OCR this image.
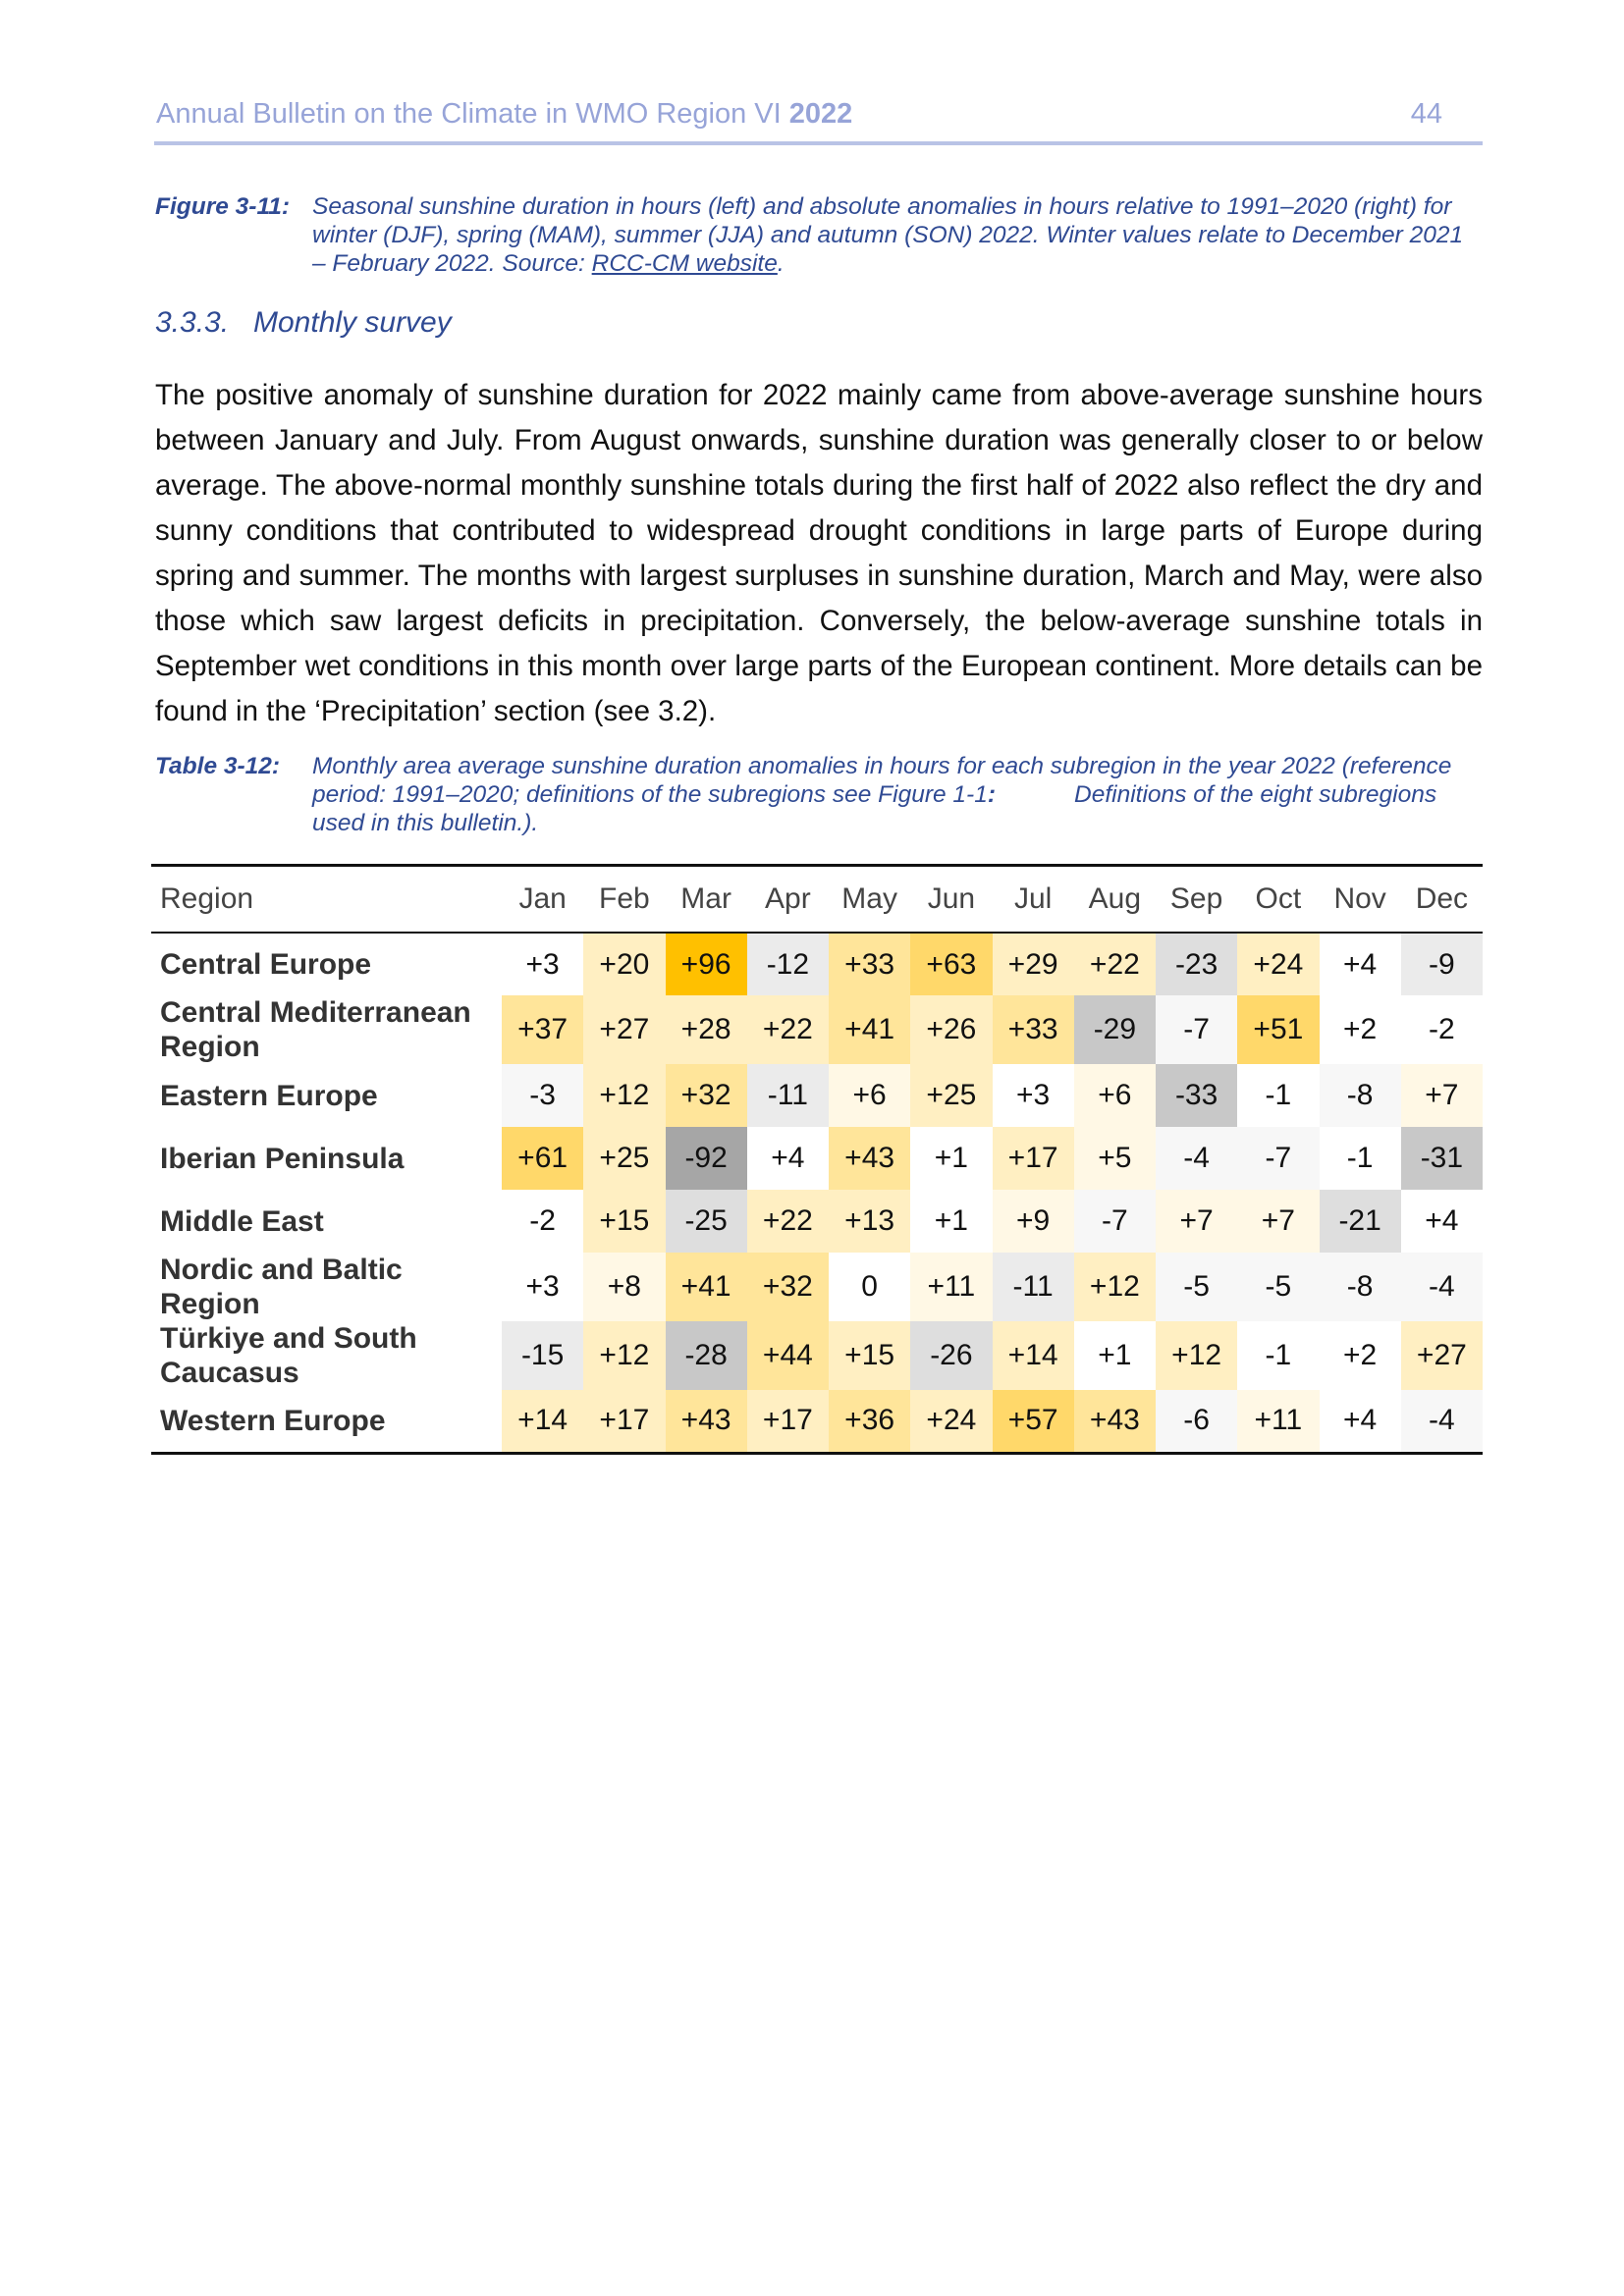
Annual Bulletin on the Climate in WMO Region VI 2022	44
Figure 3-11: Seasonal sunshine duration in hours (left) and absolute anomalies in hours relative to 1991–2020 (right) for winter (DJF), spring (MAM), summer (JJA) and autumn (SON) 2022. Winter values relate to December 2021 – February 2022. Source: RCC-CM website.
3.3.3. Monthly survey
The positive anomaly of sunshine duration for 2022 mainly came from above-average sunshine hours between January and July. From August onwards, sunshine duration was generally closer to or below average. The above-normal monthly sunshine totals during the first half of 2022 also reflect the dry and sunny conditions that contributed to widespread drought conditions in large parts of Europe during spring and summer. The months with largest surpluses in sunshine duration, March and May, were also those which saw largest deficits in precipitation. Conversely, the below-average sunshine totals in September wet conditions in this month over large parts of the European continent. More details can be found in the ‘Precipitation’ section (see 3.2).
Table 3-12: Monthly area average sunshine duration anomalies in hours for each subregion in the year 2022 (reference period: 1991–2020; definitions of the subregions see Figure 1-1:	Definitions of the eight subregions used in this bulletin.).
Region	Jan	Feb	Mar	Apr	May	Jun	Jul	Aug	Sep	Oct	Nov	Dec
Central Europe	+3	+20	+96	-12	+33	+63	+29	+22	-23	+24	+4	-9
Central Mediterranean Region	+37	+27	+28	+22	+41	+26	+33	-29	-7	+51	+2	-2
Eastern Europe	-3	+12	+32	-11	+6	+25	+3	+6	-33	-1	-8	+7
Iberian Peninsula	+61	+25	-92	+4	+43	+1	+17	+5	-4	-7	-1	-31
Middle East	-2	+15	-25	+22	+13	+1	+9	-7	+7	+7	-21	+4
Nordic and Baltic Region	+3	+8	+41	+32	0	+11	-11	+12	-5	-5	-8	-4
Türkiye and South Caucasus	-15	+12	-28	+44	+15	-26	+14	+1	+12	-1	+2	+27
Western Europe	+14	+17	+43	+17	+36	+24	+57	+43	-6	+11	+4	-4
